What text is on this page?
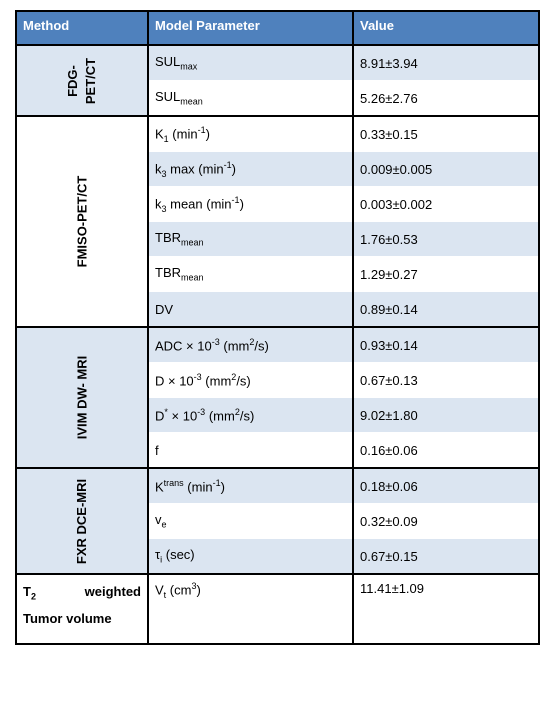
Method	Model Parameter	Value
FDG- PET/CT	$SUL_{max}$	8.91±3.94
	$SUL_{mean}$	5.26±2.76
FMISO-PET/CT	$K_1$ $(\min^{-1})$	0.33±0.15
	$k_3$ $\max (\min^{-1})$	0.009±0.005
	$k_3$ mean $(\min^{-1})$	0.003±0.002
	$TBR_{mean}$	1.76±0.53
	$TBR_{mean}$	1.29±0.27
	DV	0.89±0.14
IVIM DW- MRI	ADC × $10^{-3}$ $(mm^2/s)$	0.93±0.14
	$D \times 10^{-3}$ $(mm^2/s)$	0.67±0.13
	$D^* \times 10^{-3}$ $(mm^2/s)$	9.02±1.80
	f	0.16±0.06
FXR DCE-MRI	$K^{trans}$ $(\min^{-1})$	0.18±0.06
	$v_e$	0.32±0.09
	$\tau_i$ (sec)	0.67±0.15

$T_2$ weighted
Tumor volume	$V_t$ $(cm^3)$	11.41±1.09
